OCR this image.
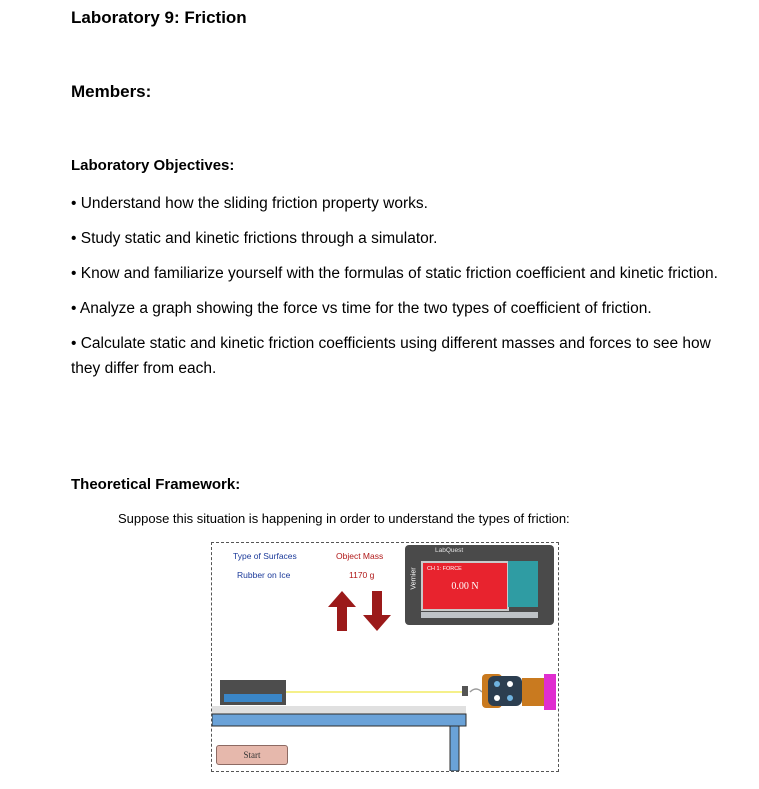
Laboratory 9: Friction
Members:
Laboratory Objectives:
• Understand how the sliding friction property works.
• Study static and kinetic frictions through a simulator.
• Know and familiarize yourself with the formulas of static friction coefficient and kinetic friction.
• Analyze a graph showing the force vs time for the two types of coefficient of friction.
• Calculate static and kinetic friction coefficients using different masses and forces to see how they differ from each.
Theoretical Framework:
Suppose this situation is happening in order to understand the types of friction:
Type of Surfaces
Rubber on Ice
Object Mass
1170 g
LabQuest
Vernier CH 1: FORCE
0.00 N
Start
